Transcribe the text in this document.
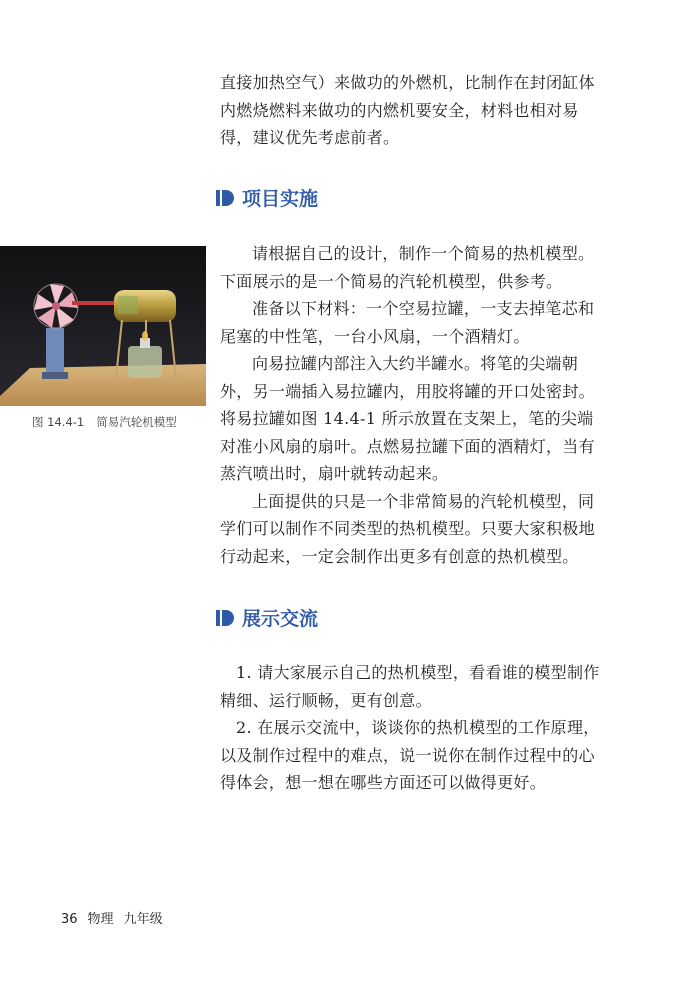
直接加热空气）来做功的外燃机，比制作在封闭缸体内燃烧燃料来做功的内燃机要安全，材料也相对易得，建议优先考虑前者。

项目实施
图 14.4-1 简易汽轮机模型

请根据自己的设计，制作一个简易的热机模型。下面展示的是一个简易的汽轮机模型，供参考。

准备以下材料：一个空易拉罐，一支去掉笔芯和尾塞的中性笔，一台小风扇，一个酒精灯。

向易拉罐内部注入大约半罐水。将笔的尖端朝外，另一端插入易拉罐内，用胶将罐的开口处密封。将易拉罐如图 14.4-1 所示放置在支架上，笔的尖端对准小风扇的扇叶。点燃易拉罐下面的酒精灯，当有蒸汽喷出时，扇叶就转动起来。

上面提供的只是一个非常简易的汽轮机模型，同学们可以制作不同类型的热机模型。只要大家积极地行动起来，一定会制作出更多有创意的热机模型。

展示交流

1. 请大家展示自己的热机模型，看看谁的模型制作精细、运行顺畅，更有创意。

2. 在展示交流中，谈谈你的热机模型的工作原理，以及制作过程中的难点，说一说你在制作过程中的心得体会，想一想在哪些方面还可以做得更好。

36 物理 九年级
